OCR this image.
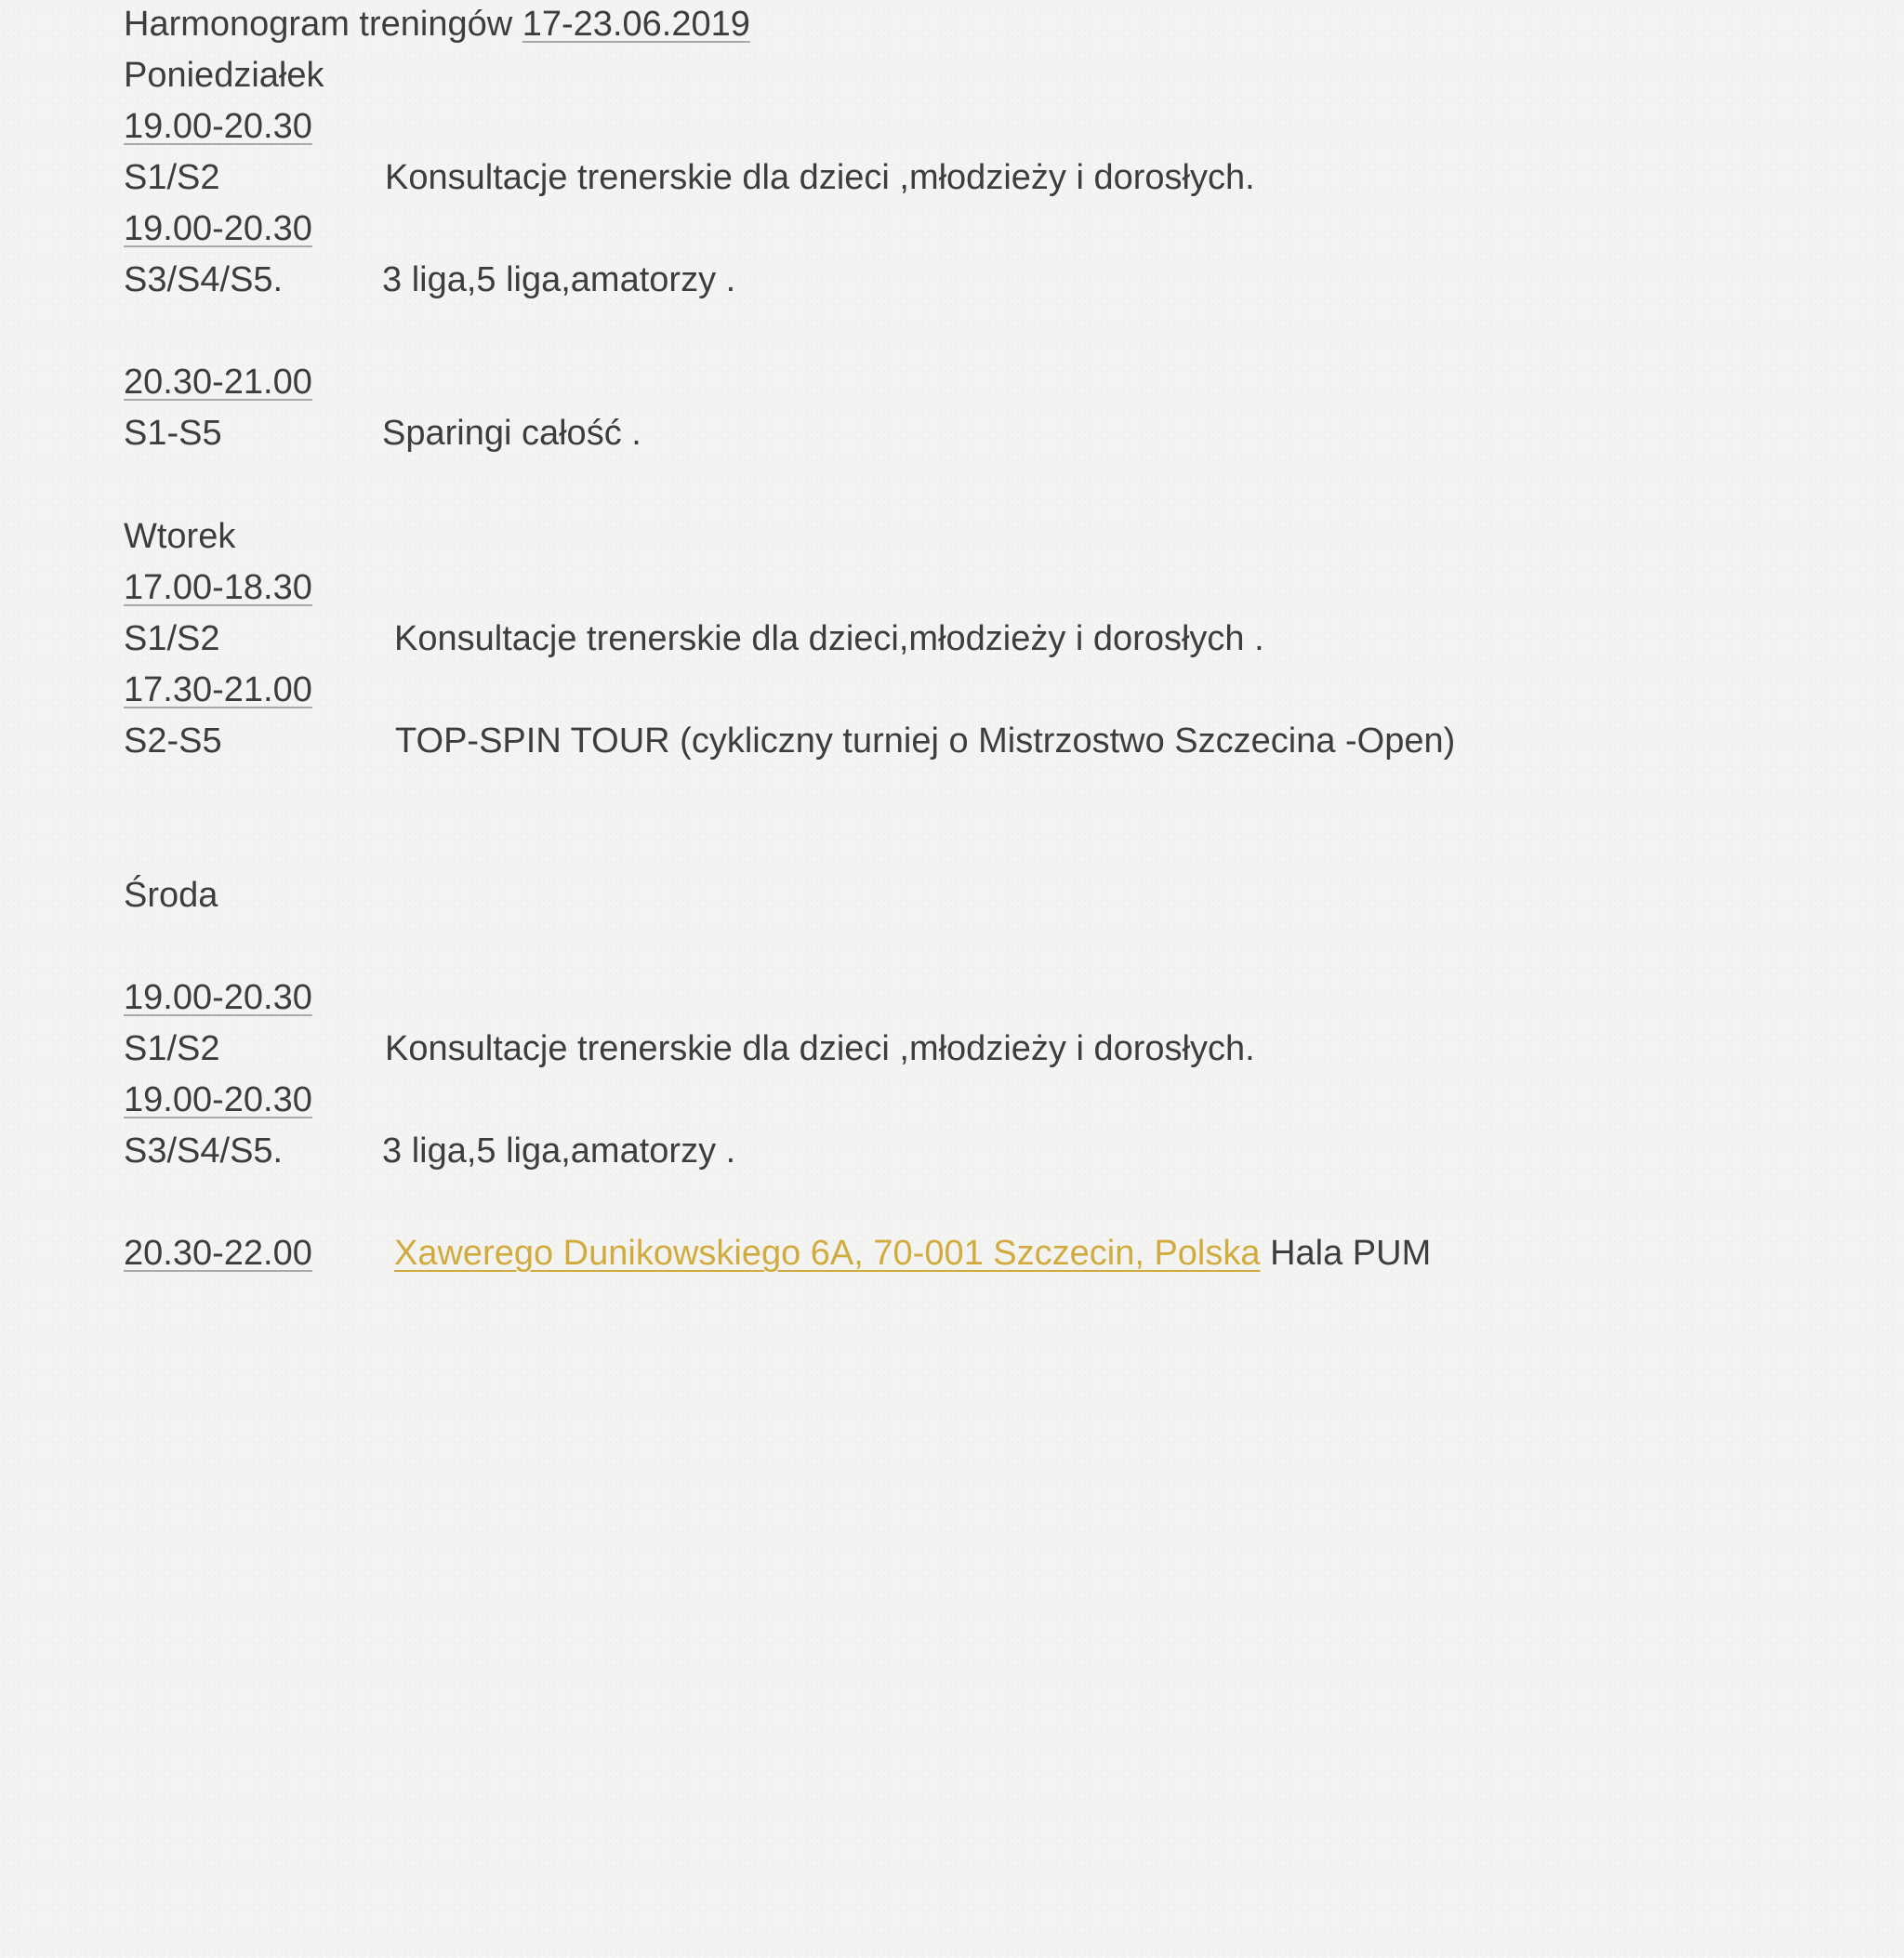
Harmonogram treningów 17-23.06.2019
Poniedziałek
19.00-20.30
S1/S2	Konsultacje trenerskie dla dzieci ,młodzieży i dorosłych.
19.00-20.30
S3/S4/S5.	3 liga,5 liga,amatorzy .
20.30-21.00
S1-S5	Sparingi całość .
Wtorek
17.00-18.30
S1/S2	Konsultacje trenerskie dla dzieci,młodzieży i dorosłych .
17.30-21.00
S2-S5	TOP-SPIN TOUR (cykliczny turniej o Mistrzostwo Szczecina -Open)
Środa
19.00-20.30
S1/S2	Konsultacje trenerskie dla dzieci ,młodzieży i dorosłych.
19.00-20.30
S3/S4/S5.	3 liga,5 liga,amatorzy .
20.30-22.00 Xawerego Dunikowskiego 6A, 70-001 Szczecin, Polska Hala PUM
